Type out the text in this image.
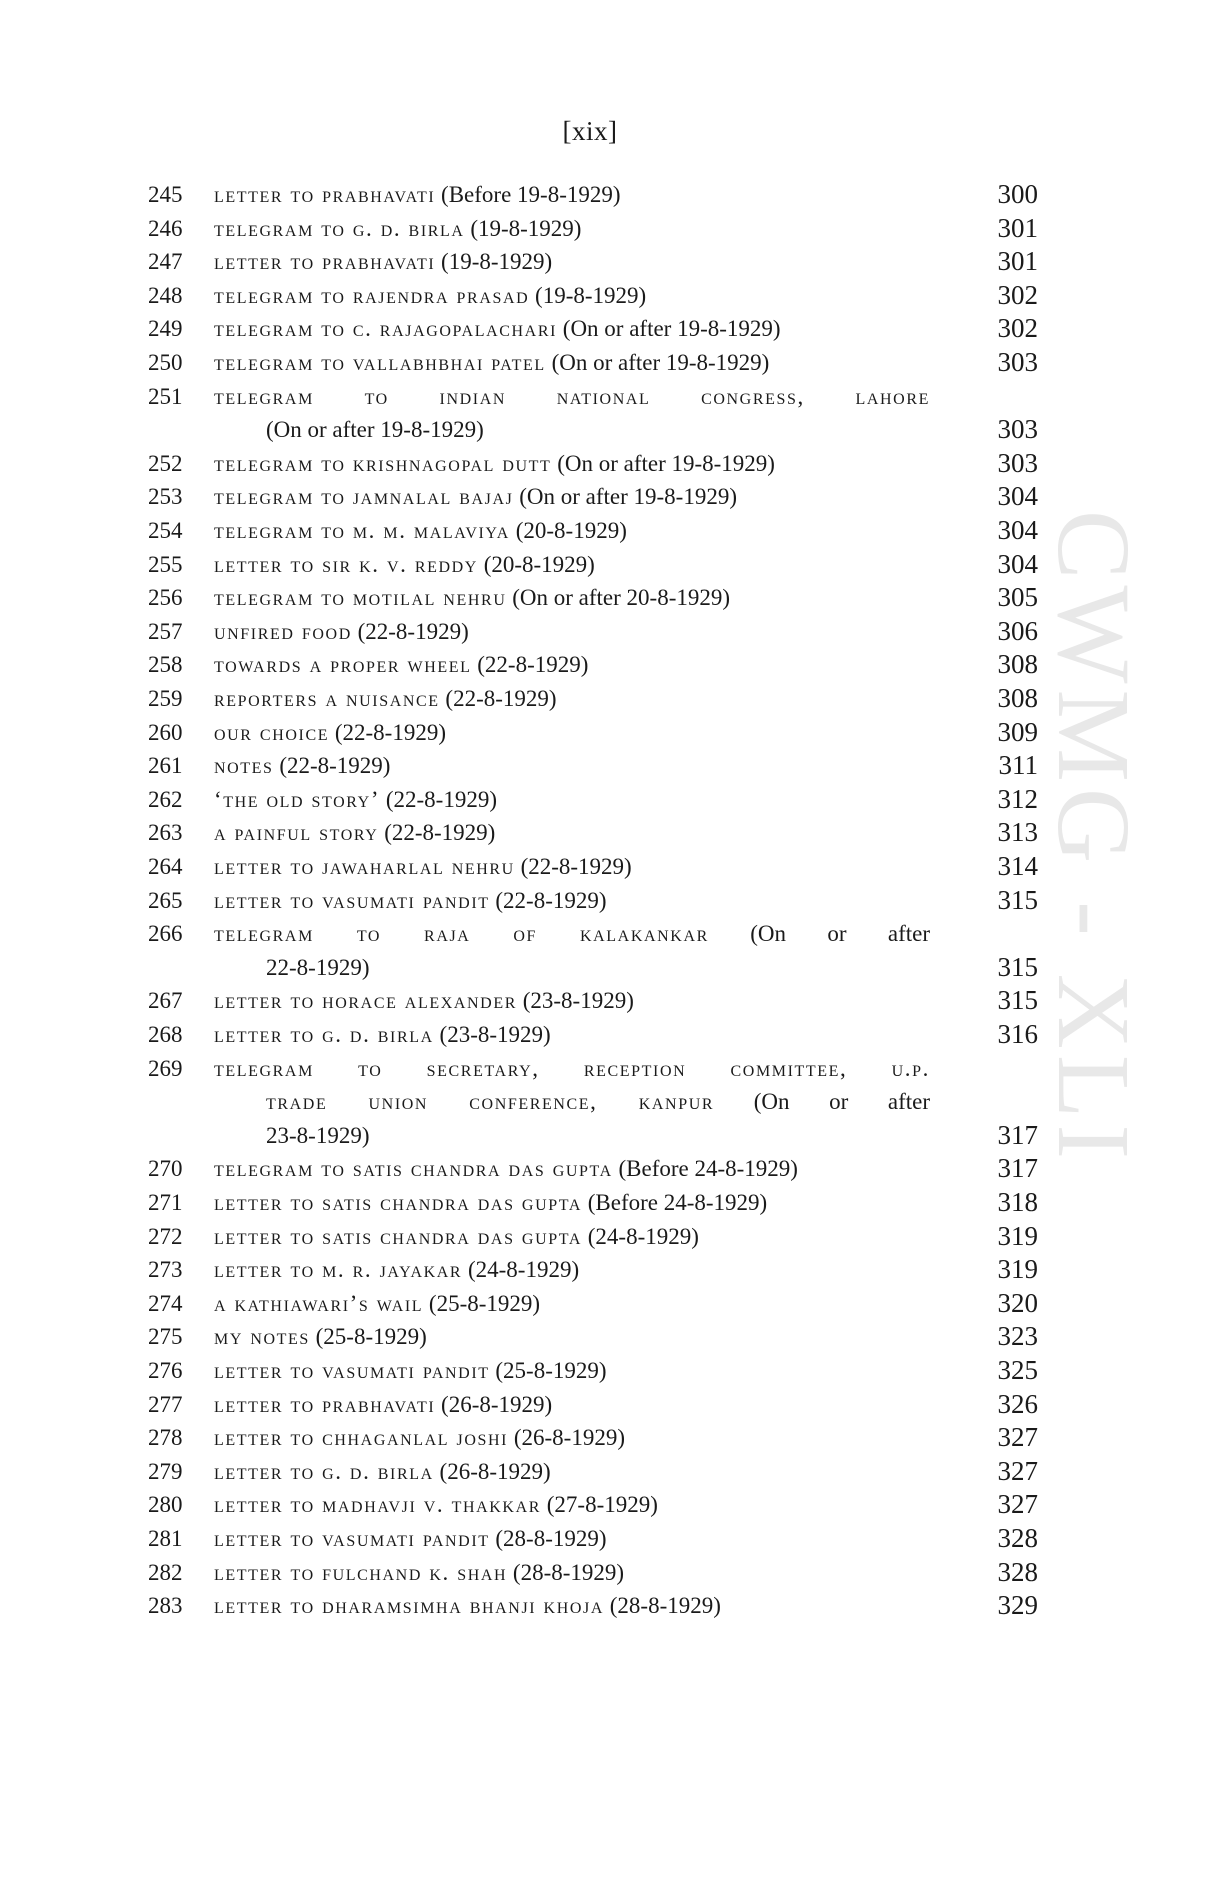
[xix]
CWMG - XLI
245	letter to prabhavati (Before 19-8-1929)	300
246	telegram to g. d. birla (19-8-1929)	301
247	letter to prabhavati (19-8-1929)	301
248	telegram to rajendra prasad (19-8-1929)	302
249	telegram to c. rajagopalachari (On or after 19-8-1929)	302
250	telegram to vallabhbhai patel (On or after 19-8-1929)	303
251	telegram to indian national congress, lahore
(On or after 19-8-1929)	303
252	telegram to krishnagopal dutt (On or after 19-8-1929)	303
253	telegram to jamnalal bajaj (On or after 19-8-1929)	304
254	telegram to m. m. malaviya (20-8-1929)	304
255	letter to sir k. v. reddy (20-8-1929)	304
256	telegram to motilal nehru (On or after 20-8-1929)	305
257	unfired food (22-8-1929)	306
258	towards a proper wheel (22-8-1929)	308
259	reporters a nuisance (22-8-1929)	308
260	our choice (22-8-1929)	309
261	notes (22-8-1929)	311
262	‘the old story’ (22-8-1929)	312
263	a painful story (22-8-1929)	313
264	letter to jawaharlal nehru (22-8-1929)	314
265	letter to vasumati pandit (22-8-1929)	315
266	telegram to raja of kalakankar (On or after
22-8-1929)	315
267	letter to horace alexander (23-8-1929)	315
268	letter to g. d. birla (23-8-1929)	316
269	telegram to secretary, reception committee, u.p.
trade union conference, kanpur (On or after
23-8-1929)	317
270	telegram to satis chandra das gupta (Before 24-8-1929)	317
271	letter to satis chandra das gupta (Before 24-8-1929)	318
272	letter to satis chandra das gupta (24-8-1929)	319
273	letter to m. r. jayakar (24-8-1929)	319
274	a kathiawari’s wail (25-8-1929)	320
275	my notes (25-8-1929)	323
276	letter to vasumati pandit (25-8-1929)	325
277	letter to prabhavati (26-8-1929)	326
278	letter to chhaganlal joshi (26-8-1929)	327
279	letter to g. d. birla (26-8-1929)	327
280	letter to madhavji v. thakkar (27-8-1929)	327
281	letter to vasumati pandit (28-8-1929)	328
282	letter to fulchand k. shah (28-8-1929)	328
283	letter to dharamsimha bhanji khoja (28-8-1929)	329
